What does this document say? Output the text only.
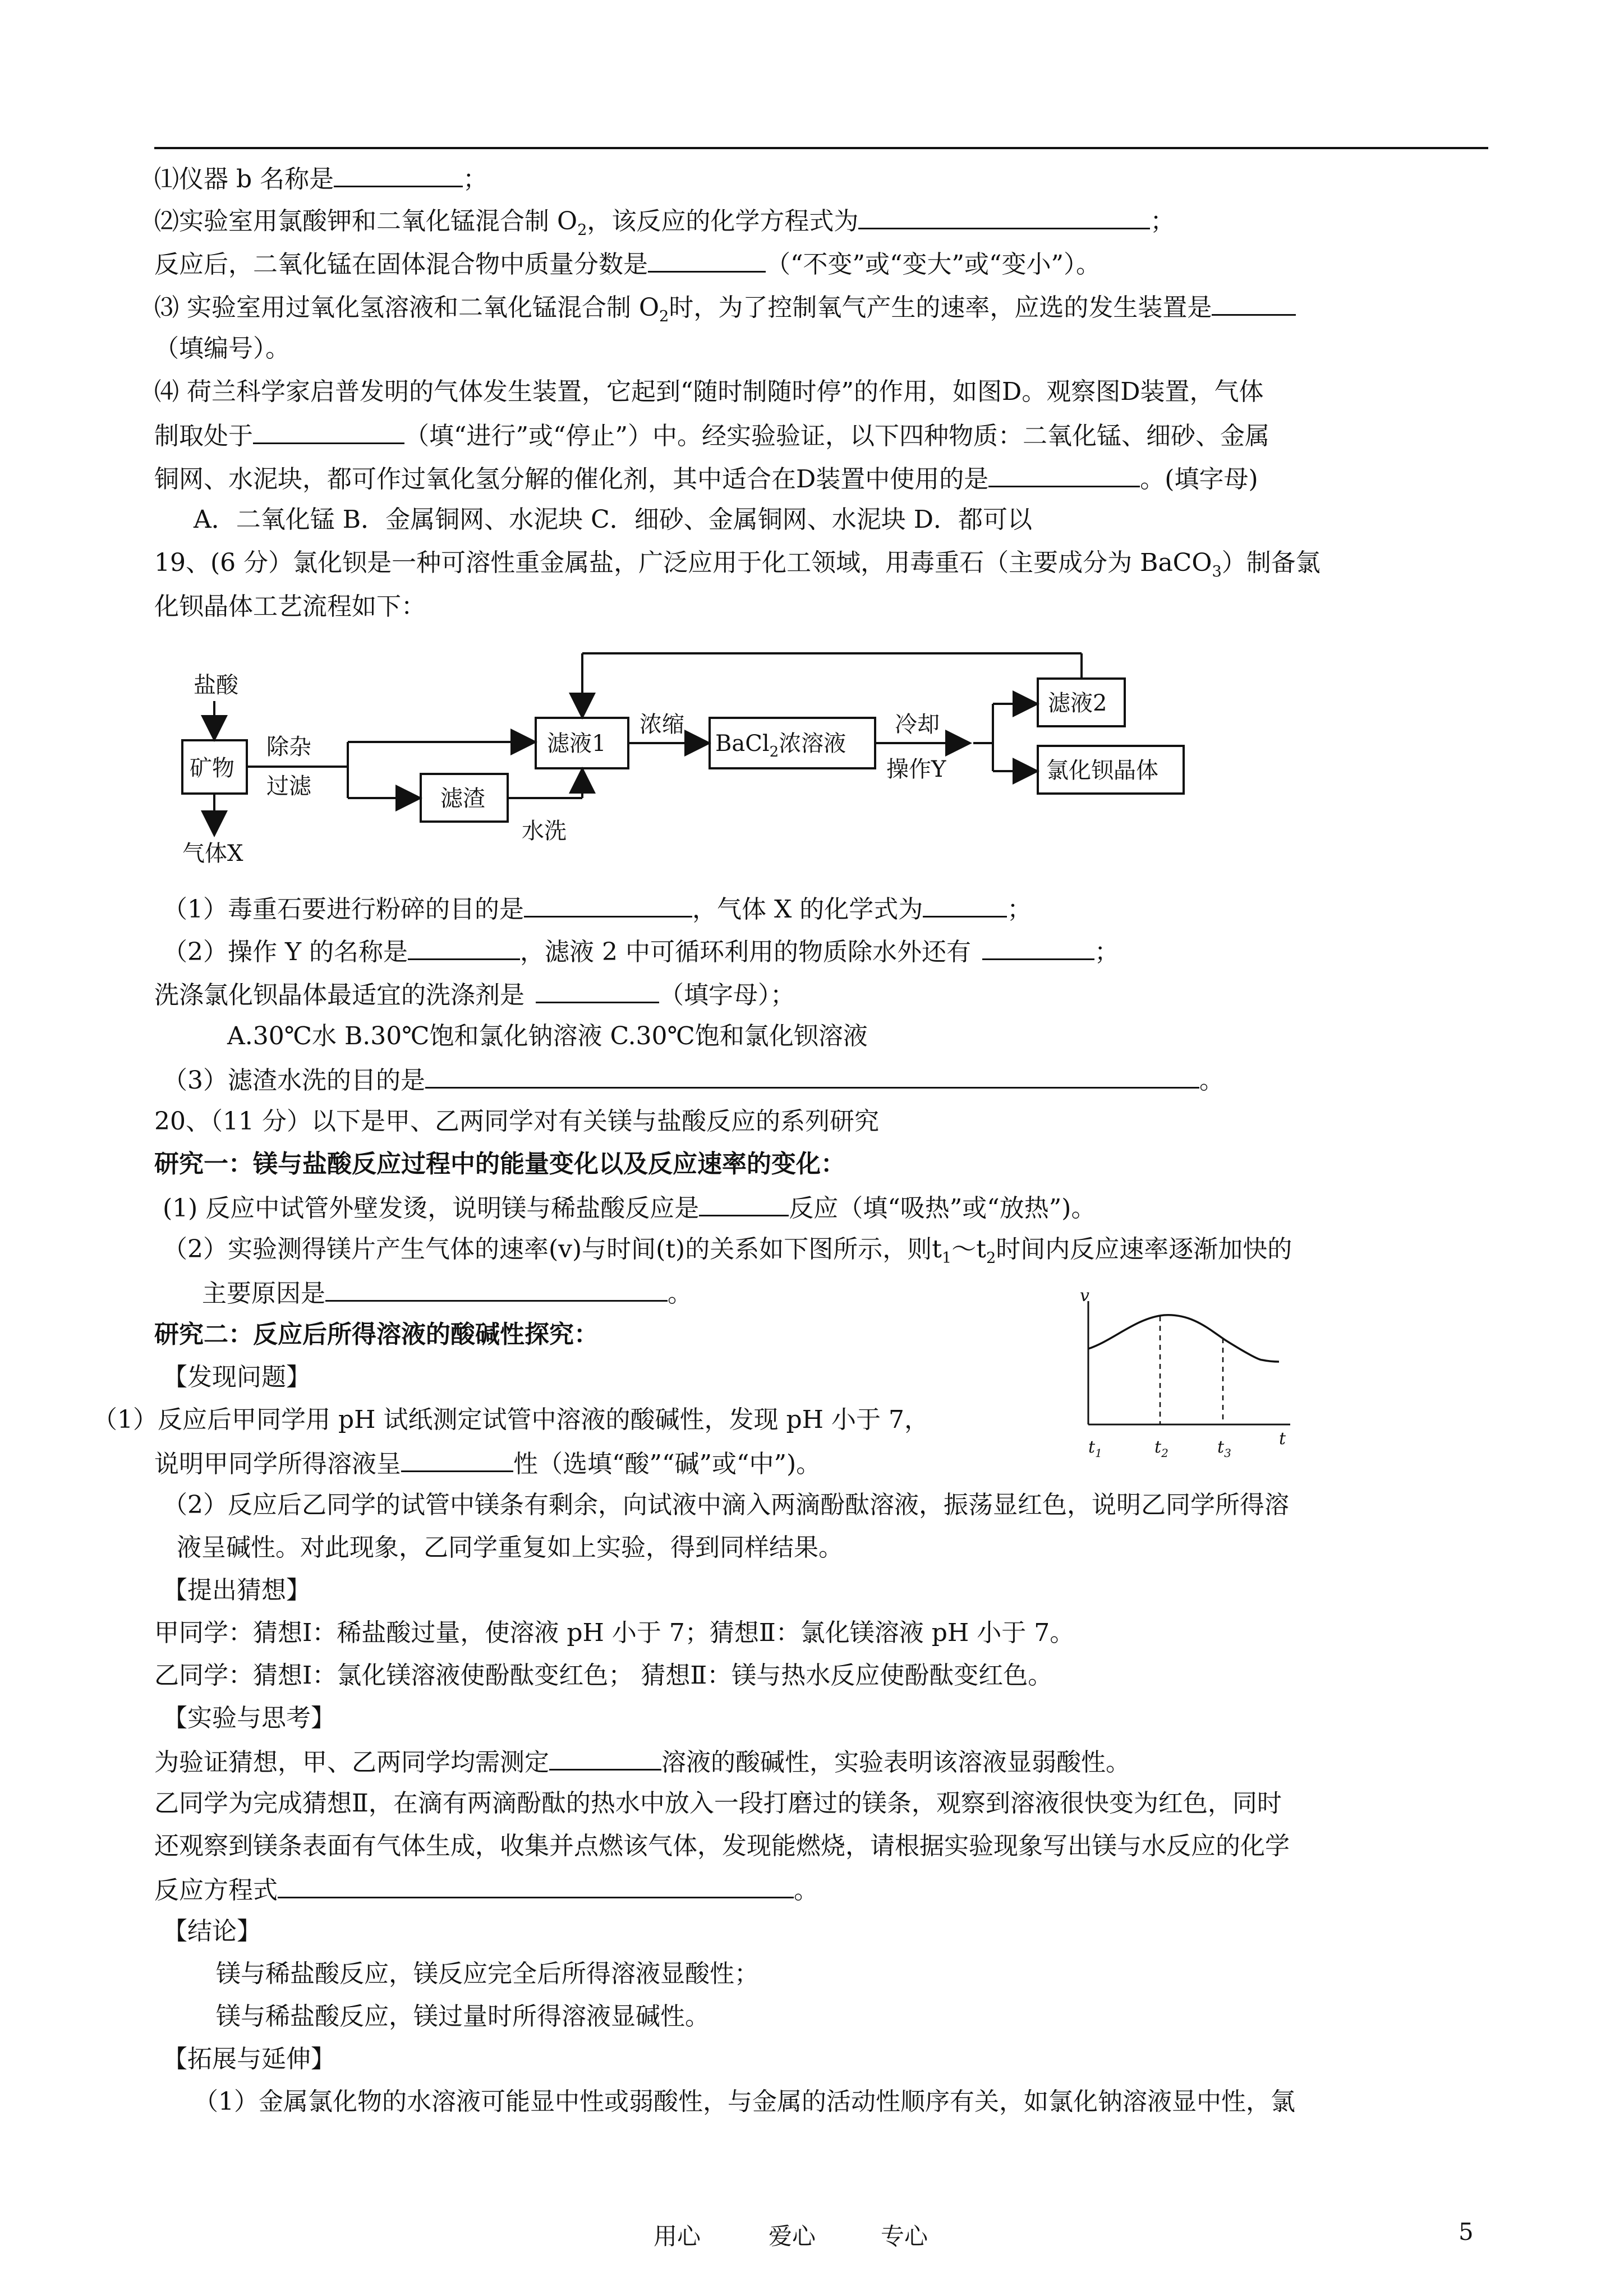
⑴仪器 b 名称是	；
⑵实验室用氯酸钾和二氧化锰混合制 $O_2$，该反应的化学方程式为	；
反应后，二氧化锰在固体混合物中质量分数是	（“不变”或“变大”或“变小”）。
⑶ 实验室用过氧化氢溶液和二氧化锰混合制 $O_2$时，为了控制氧气产生的速率，应选的发生装置是
（填编号）。
⑷ 荷兰科学家启普发明的气体发生装置，它起到“随时制随时停”的作用，如图D。观察图D装置，气体
制取处于	（填“进行”或“停止”）中。经实验验证，以下四种物质：二氧化锰、细砂、金属
铜网、水泥块，都可作过氧化氢分解的催化剂，其中适合在D装置中使用的是	。(填字母)
A．二氧化锰 B．金属铜网、水泥块 C．细砂、金属铜网、水泥块 D．都可以
19、(6 分）氯化钡是一种可溶性重金属盐，广泛应用于化工领域，用毒重石（主要成分为 BaCO$_3$）制备氯
化钡晶体工艺流程如下：
盐酸
矿物
除杂
过滤
气体X
滤渣
水洗
滤液1
浓缩
BaCl$_2$浓溶液
冷却
操作Y
滤液2
氯化钡晶体
（1）毒重石要进行粉碎的目的是	，气体 X 的化学式为	；
（2）操作 Y 的名称是	，滤液 2 中可循环利用的物质除水外还有	；
洗涤氯化钡晶体最适宜的洗涤剂是	（填字母）；
A.30℃水 B.30℃饱和氯化钠溶液 C.30℃饱和氯化钡溶液
（3）滤渣水洗的目的是	。
20、（11 分）以下是甲、乙两同学对有关镁与盐酸反应的系列研究
研究一：镁与盐酸反应过程中的能量变化以及反应速率的变化：
(1) 反应中试管外壁发烫，说明镁与稀盐酸反应是	反应（填“吸热”或“放热”)。
（2）实验测得镁片产生气体的速率(v)与时间(t)的关系如下图所示，则$t_1\sim t_2$时间内反应速率逐渐加快的
主要原因是	。
研究二：反应后所得溶液的酸碱性探究：
【发现问题】
（1）反应后甲同学用 pH 试纸测定试管中溶液的酸碱性，发现 pH 小于 7，
说明甲同学所得溶液呈	性（选填“酸”“碱”或“中”)。
（2）反应后乙同学的试管中镁条有剩余，向试液中滴入两滴酚酞溶液，振荡显红色，说明乙同学所得溶
液呈碱性。对此现象，乙同学重复如上实验，得到同样结果。
【提出猜想】
甲同学：猜想Ⅰ：稀盐酸过量，使溶液 pH 小于 7；猜想Ⅱ：氯化镁溶液 pH 小于 7。
乙同学：猜想Ⅰ：氯化镁溶液使酚酞变红色； 猜想Ⅱ：镁与热水反应使酚酞变红色。
【实验与思考】
为验证猜想，甲、乙两同学均需测定	溶液的酸碱性，实验表明该溶液显弱酸性。
乙同学为完成猜想Ⅱ，在滴有两滴酚酞的热水中放入一段打磨过的镁条，观察到溶液很快变为红色，同时
还观察到镁条表面有气体生成，收集并点燃该气体，发现能燃烧，请根据实验现象写出镁与水反应的化学
反应方程式	。
【结论】
镁与稀盐酸反应，镁反应完全后所得溶液显酸性；
镁与稀盐酸反应，镁过量时所得溶液显碱性。
【拓展与延伸】
（1）金属氯化物的水溶液可能显中性或弱酸性，与金属的活动性顺序有关，如氯化钠溶液显中性，氯
v
t
$t_1$	$t_2$	$t_3$
用心	爱心	专心	5
